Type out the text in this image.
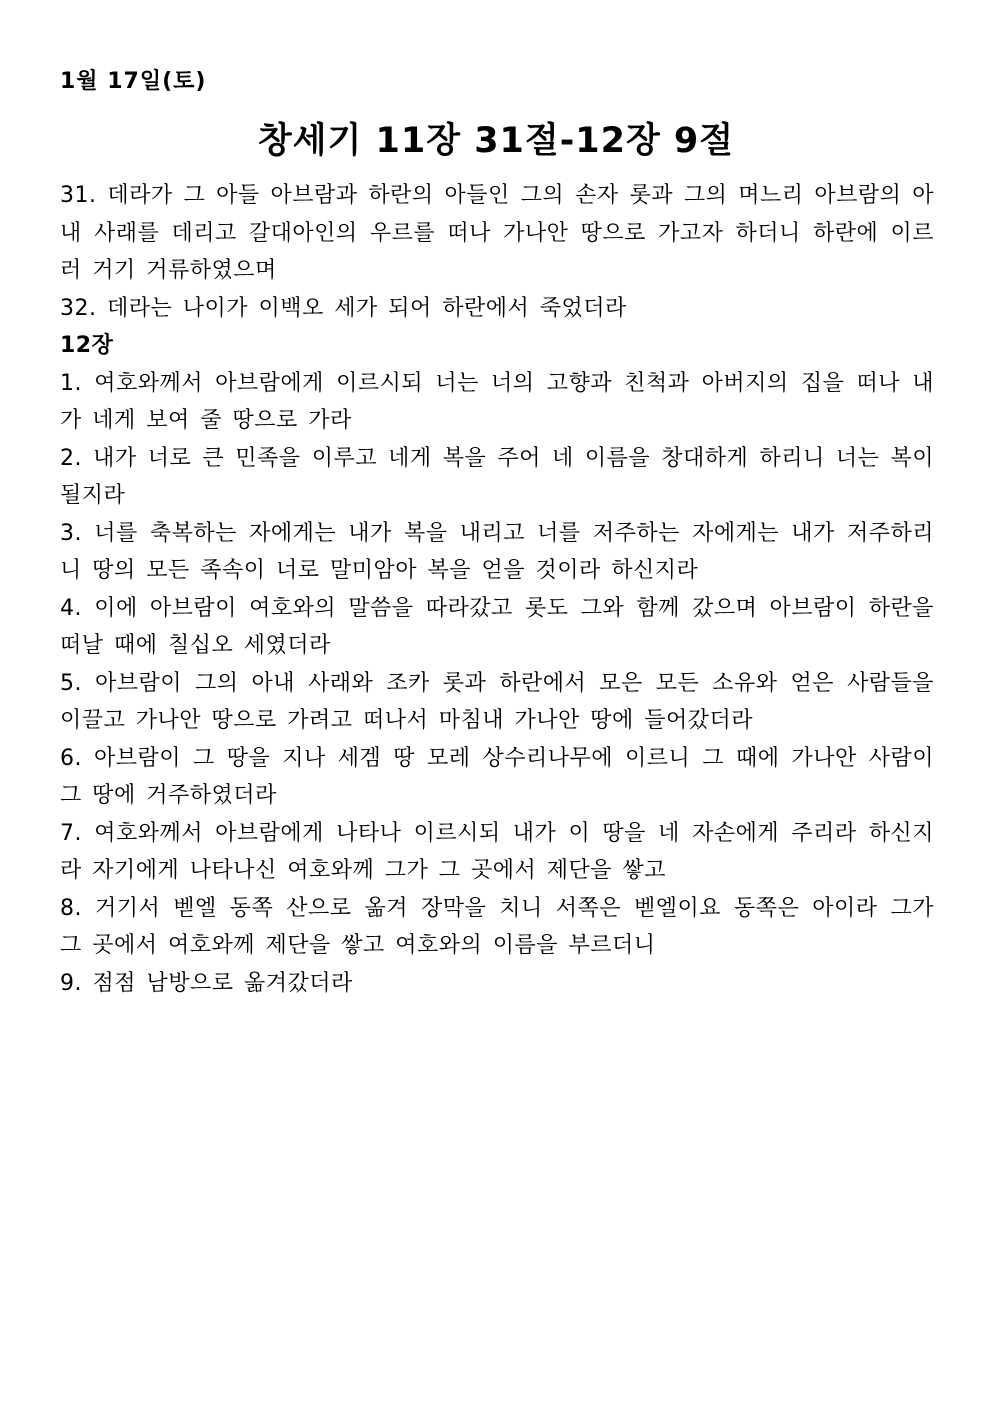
1월 17일(토)
창세기 11장 31절-12장 9절
31. 데라가 그 아들 아브람과 하란의 아들인 그의 손자 롯과 그의 며느리 아브람의 아내 사래를 데리고 갈대아인의 우르를 떠나 가나안 땅으로 가고자 하더니 하란에 이르러 거기 거류하였으며
32. 데라는 나이가 이백오 세가 되어 하란에서 죽었더라
12장
1. 여호와께서 아브람에게 이르시되 너는 너의 고향과 친척과 아버지의 집을 떠나 내가 네게 보여 줄 땅으로 가라
2. 내가 너로 큰 민족을 이루고 네게 복을 주어 네 이름을 창대하게 하리니 너는 복이 될지라
3. 너를 축복하는 자에게는 내가 복을 내리고 너를 저주하는 자에게는 내가 저주하리니 땅의 모든 족속이 너로 말미암아 복을 얻을 것이라 하신지라
4. 이에 아브람이 여호와의 말씀을 따라갔고 롯도 그와 함께 갔으며 아브람이 하란을 떠날 때에 칠십오 세였더라
5. 아브람이 그의 아내 사래와 조카 롯과 하란에서 모은 모든 소유와 얻은 사람들을 이끌고 가나안 땅으로 가려고 떠나서 마침내 가나안 땅에 들어갔더라
6. 아브람이 그 땅을 지나 세겜 땅 모레 상수리나무에 이르니 그 때에 가나안 사람이 그 땅에 거주하였더라
7. 여호와께서 아브람에게 나타나 이르시되 내가 이 땅을 네 자손에게 주리라 하신지라 자기에게 나타나신 여호와께 그가 그 곳에서 제단을 쌓고
8. 거기서 벧엘 동쪽 산으로 옮겨 장막을 치니 서쪽은 벧엘이요 동쪽은 아이라 그가 그 곳에서 여호와께 제단을 쌓고 여호와의 이름을 부르더니
9. 점점 남방으로 옮겨갔더라
